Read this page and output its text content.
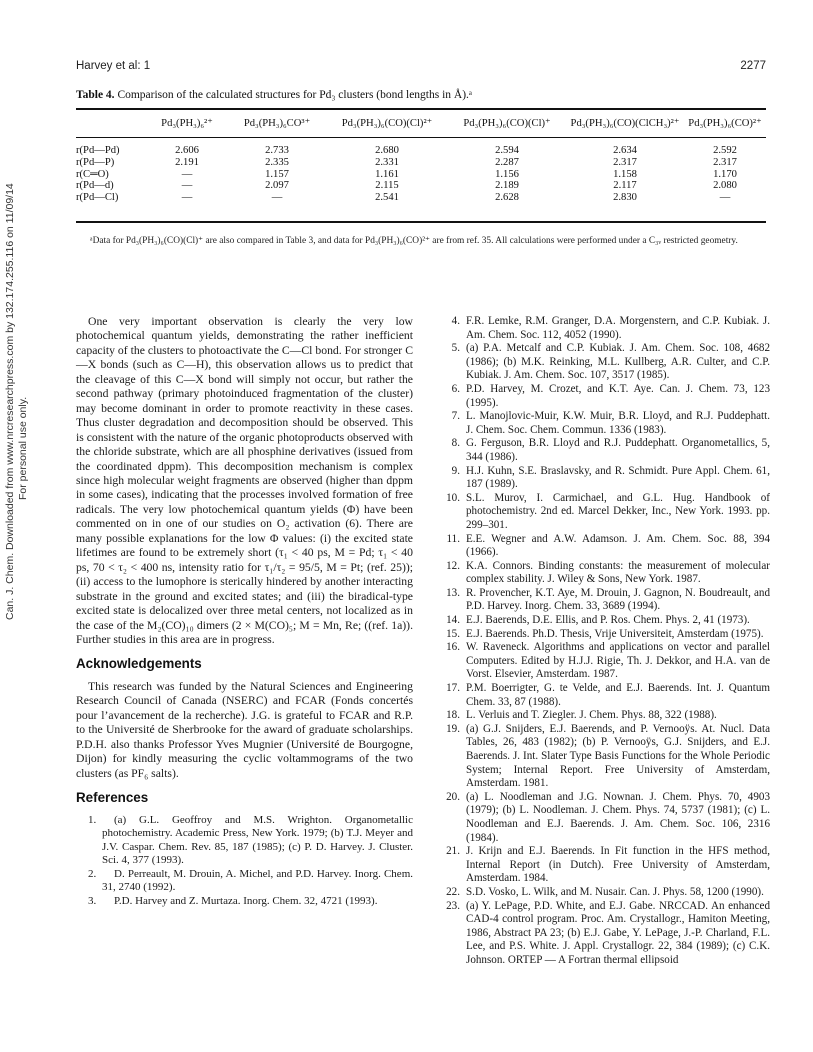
Harvey et al: 1	2277
Table 4. Comparison of the calculated structures for Pd₃ clusters (bond lengths in Å).ᵃ
	Pd₃(PH₃)₆²⁺	Pd₃(PH₃)₆CO³⁺	Pd₃(PH₃)₆(CO)(Cl)²⁺	Pd₃(PH₃)₆(CO)(Cl)⁺	Pd₃(PH₃)₆(CO)(ClCH₃)²⁺	Pd₃(PH₃)₆(CO)²⁺
r(Pd—Pd)	2.606	2.733	2.680	2.594	2.634	2.592
r(Pd—P)	2.191	2.335	2.331	2.287	2.317	2.317
r(C═O)	—	1.157	1.161	1.156	1.158	1.170
r(Pd—d)	—	2.097	2.115	2.189	2.117	2.080
r(Pd—Cl)	—	—	2.541	2.628	2.830	—
ᵃData for Pd₃(PH₃)₆(CO)(Cl)⁺ are also compared in Table 3, and data for Pd₃(PH₃)₆(CO)²⁺ are from ref. 35. All calculations were performed under a C₃ᵥ restricted geometry.
Can. J. Chem. Downloaded from www.nrcresearchpress.com by 132.174.255.116 on 11/09/14 For personal use only.

One very important observation is clearly the very low photochemical quantum yields, demonstrating the rather inefficient capacity of the clusters to photoactivate the C—Cl bond. For stronger C—X bonds (such as C—H), this observation allows us to predict that the cleavage of this C—X bond will simply not occur, but rather the second pathway (primary photoinduced fragmentation of the cluster) may become dominant in order to promote reactivity in these cases. Thus cluster degradation and decomposition should be observed. This is consistent with the nature of the organic photoproducts observed with the chloride substrate, which are all phosphine derivatives (issued from the coordinated dppm). This decomposition mechanism is complex since high molecular weight fragments are observed (higher than dppm in some cases), indicating that the processes involved formation of free radicals. The very low photochemical quantum yields (Φ) have been commented on in one of our studies on O₂ activation (6). There are many possible explanations for the low Φ values: (i) the excited state lifetimes are found to be extremely short (τ₁ < 40 ps, M = Pd; τ₁ < 40 ps, 70 < τ₂ < 400 ns, intensity ratio for τ₁/τ₂ = 95/5, M = Pt; (ref. 25)); (ii) access to the lumophore is sterically hindered by another interacting substrate in the ground and excited states; and (iii) the biradical-type excited state is delocalized over three metal centers, not localized as in the case of the M₂(CO)₁₀ dimers (2 × M(CO)₅; M = Mn, Re; ((ref. 1a)). Further studies in this area are in progress.

Acknowledgements

This research was funded by the Natural Sciences and Engineering Research Council of Canada (NSERC) and FCAR (Fonds concertés pour l’avancement de la recherche). J.G. is grateful to FCAR and R.P. to the Université de Sherbrooke for the award of graduate scholarships. P.D.H. also thanks Professor Yves Mugnier (Université de Bourgogne, Dijon) for kindly measuring the cyclic voltammograms of the two clusters (as PF₆ salts).

References

1. (a) G.L. Geoffroy and M.S. Wrighton. Organometallic photochemistry. Academic Press, New York. 1979; (b) T.J. Meyer and J.V. Caspar. Chem. Rev. 85, 187 (1985); (c) P. D. Harvey. J. Cluster. Sci. 4, 377 (1993).

2. D. Perreault, M. Drouin, A. Michel, and P.D. Harvey. Inorg. Chem. 31, 2740 (1992).

3. P.D. Harvey and Z. Murtaza. Inorg. Chem. 32, 4721 (1993).

4. F.R. Lemke, R.M. Granger, D.A. Morgenstern, and C.P. Kubiak. J. Am. Chem. Soc. 112, 4052 (1990).

5. (a) P.A. Metcalf and C.P. Kubiak. J. Am. Chem. Soc. 108, 4682 (1986); (b) M.K. Reinking, M.L. Kullberg, A.R. Culter, and C.P. Kubiak. J. Am. Chem. Soc. 107, 3517 (1985).

6. P.D. Harvey, M. Crozet, and K.T. Aye. Can. J. Chem. 73, 123 (1995).

7. L. Manojlovic-Muir, K.W. Muir, B.R. Lloyd, and R.J. Puddephatt. J. Chem. Soc. Chem. Commun. 1336 (1983).

8. G. Ferguson, B.R. Lloyd and R.J. Puddephatt. Organometallics, 5, 344 (1986).

9. H.J. Kuhn, S.E. Braslavsky, and R. Schmidt. Pure Appl. Chem. 61, 187 (1989).

10. S.L. Murov, I. Carmichael, and G.L. Hug. Handbook of photochemistry. 2nd ed. Marcel Dekker, Inc., New York. 1993. pp. 299–301.

11. E.E. Wegner and A.W. Adamson. J. Am. Chem. Soc. 88, 394 (1966).

12. K.A. Connors. Binding constants: the measurement of molecular complex stability. J. Wiley & Sons, New York. 1987.

13. R. Provencher, K.T. Aye, M. Drouin, J. Gagnon, N. Boudreault, and P.D. Harvey. Inorg. Chem. 33, 3689 (1994).

14. E.J. Baerends, D.E. Ellis, and P. Ros. Chem. Phys. 2, 41 (1973).

15. E.J. Baerends. Ph.D. Thesis, Vrije Universiteit, Amsterdam (1975).

16. W. Raveneck. Algorithms and applications on vector and parallel Computers. Edited by H.J.J. Rigie, Th. J. Dekkor, and H.A. van de Vorst. Elsevier, Amsterdam. 1987.

17. P.M. Boerrigter, G. te Velde, and E.J. Baerends. Int. J. Quantum Chem. 33, 87 (1988).

18. L. Verluis and T. Ziegler. J. Chem. Phys. 88, 322 (1988).

19. (a) G.J. Snijders, E.J. Baerends, and P. Vernooÿs. At. Nucl. Data Tables, 26, 483 (1982); (b) P. Vernooÿs, G.J. Snijders, and E.J. Baerends. J. Int. Slater Type Basis Functions for the Whole Periodic System; Internal Report. Free University of Amsterdam, Amsterdam. 1981.

20. (a) L. Noodleman and J.G. Nownan. J. Chem. Phys. 70, 4903 (1979); (b) L. Noodleman. J. Chem. Phys. 74, 5737 (1981); (c) L. Noodleman and E.J. Baerends. J. Am. Chem. Soc. 106, 2316 (1984).

21. J. Krijn and E.J. Baerends. In Fit function in the HFS method, Internal Report (in Dutch). Free University of Amsterdam, Amsterdam. 1984.

22. S.D. Vosko, L. Wilk, and M. Nusair. Can. J. Phys. 58, 1200 (1990).

23. (a) Y. LePage, P.D. White, and E.J. Gabe. NRCCAD. An enhanced CAD-4 control program. Proc. Am. Crystallogr., Hamiton Meeting, 1986, Abstract PA 23; (b) E.J. Gabe, Y. LePage, J.-P. Charland, F.L. Lee, and P.S. White. J. Appl. Crystallogr. 22, 384 (1989); (c) C.K. Johnson. ORTEP — A Fortran thermal ellipsoid
